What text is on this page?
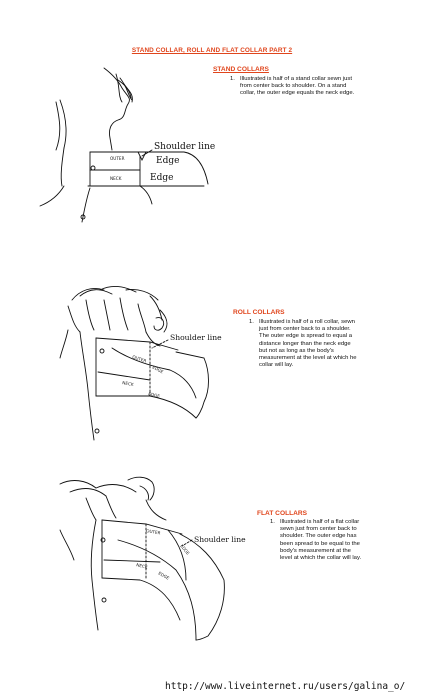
STAND COLLAR, ROLL AND FLAT COLLAR PART 2
STAND COLLARS
1. Illustrated is half of a stand collar sewn just
from center back to shoulder. On a stand
collar, the outer edge equals the neck edge.
Shoulder line
Edge
Edge
OUTER
NECK
ROLL COLLARS
1. Illustrated is half of a roll collar, sewn
just from center back to a shoulder.
The outer edge is spread to equal a
distance longer than the neck edge
but not as long as the body's
measurement at the level at which he
collar will lay.
Shoulder line
OUTER
EDGE
NECK
EDGE
FLAT COLLARS
1. Illustrated is half of a flat collar
sewn just from center back to
shoulder. The outer edge has
been spread to be equal to the
body's measurement at the
level at which the collar will lay.
Shoulder line
OUTER
EDGE
NECK
EDGE
http://www.liveinternet.ru/users/galina_o/
